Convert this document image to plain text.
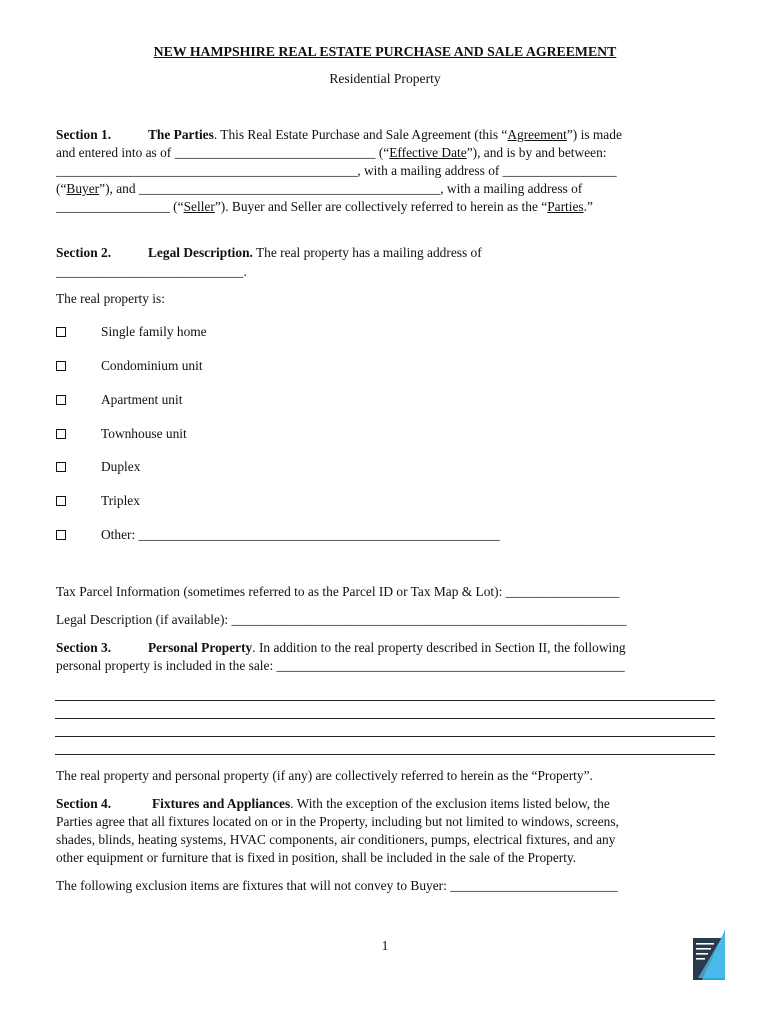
NEW HAMPSHIRE REAL ESTATE PURCHASE AND SALE AGREEMENT
Residential Property
Section 1.	The Parties. This Real Estate Purchase and Sale Agreement (this “Agreement”) is made
and entered into as of ______________________________ (“Effective Date”), and is by and between:
_____________________________________________, with a mailing address of _________________
(“Buyer”), and _____________________________________________, with a mailing address of
_________________ (“Seller”). Buyer and Seller are collectively referred to herein as the “Parties.”
Section 2.	Legal Description. The real property has a mailing address of
____________________________.
The real property is:
Single family home
Condominium unit
Apartment unit
Townhouse unit
Duplex
Triplex
Other: ______________________________________________________
Tax Parcel Information (sometimes referred to as the Parcel ID or Tax Map & Lot): _________________
Legal Description (if available): ___________________________________________________________
Section 3.	Personal Property. In addition to the real property described in Section II, the following
personal property is included in the sale: ____________________________________________________
The real property and personal property (if any) are collectively referred to herein as the “Property”.
Section 4.	Fixtures and Appliances. With the exception of the exclusion items listed below, the
Parties agree that all fixtures located on or in the Property, including but not limited to windows, screens,
shades, blinds, heating systems, HVAC components, air conditioners, pumps, electrical fixtures, and any
other equipment or furniture that is fixed in position, shall be included in the sale of the Property.
The following exclusion items are fixtures that will not convey to Buyer: _________________________
1
